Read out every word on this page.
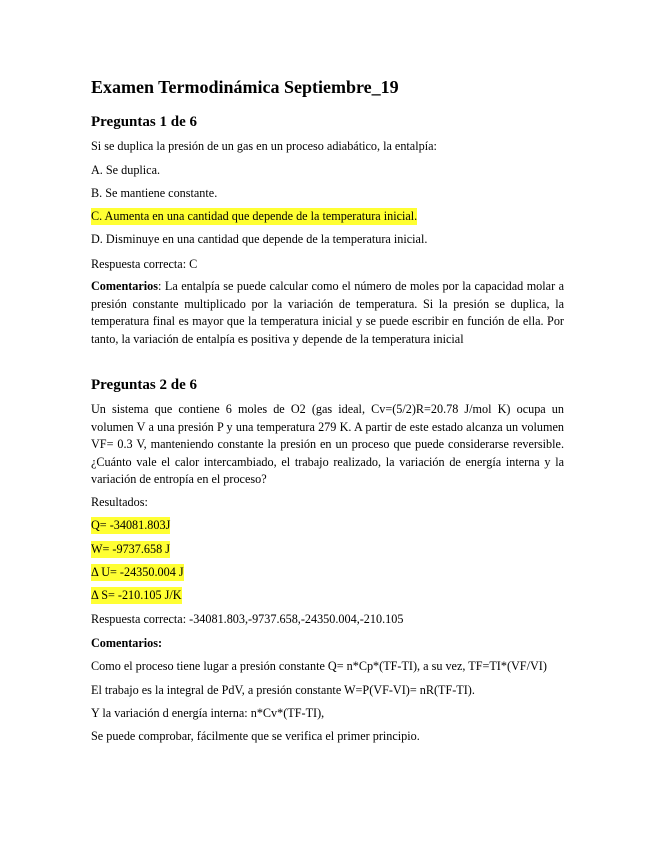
Examen Termodinámica Septiembre_19
Preguntas 1 de 6
Si se duplica la presión de un gas en un proceso adiabático, la entalpía:
A. Se duplica.
B. Se mantiene constante.
C. Aumenta en una cantidad que depende de la temperatura inicial.
D. Disminuye en una cantidad que depende de la temperatura inicial.
Respuesta correcta: C
Comentarios: La entalpía se puede calcular como el número de moles por la capacidad molar a presión constante multiplicado por la variación de temperatura. Si la presión se duplica, la temperatura final es mayor que la temperatura inicial y se puede escribir en función de ella. Por tanto, la variación de entalpía es positiva y depende de la temperatura inicial
Preguntas 2 de 6
Un sistema que contiene 6 moles de O2 (gas ideal, Cv=(5/2)R=20.78 J/mol K) ocupa un volumen V a una presión P y una temperatura 279 K. A partir de este estado alcanza un volumen VF= 0.3 V, manteniendo constante la presión en un proceso que puede considerarse reversible. ¿Cuánto vale el calor intercambiado, el trabajo realizado, la variación de energía interna y la variación de entropía en el proceso?
Resultados:
Q= -34081.803J
W= -9737.658 J
Δ U= -24350.004 J
Δ S= -210.105 J/K
Respuesta correcta: -34081.803,-9737.658,-24350.004,-210.105
Comentarios:
Como el proceso tiene lugar a presión constante Q= n*Cp*(TF-TI), a su vez, TF=TI*(VF/VI)
El trabajo es la integral de PdV, a presión constante W=P(VF-VI)= nR(TF-TI).
Y la variación d energía interna: n*Cv*(TF-TI),
Se puede comprobar, fácilmente que se verifica el primer principio.
